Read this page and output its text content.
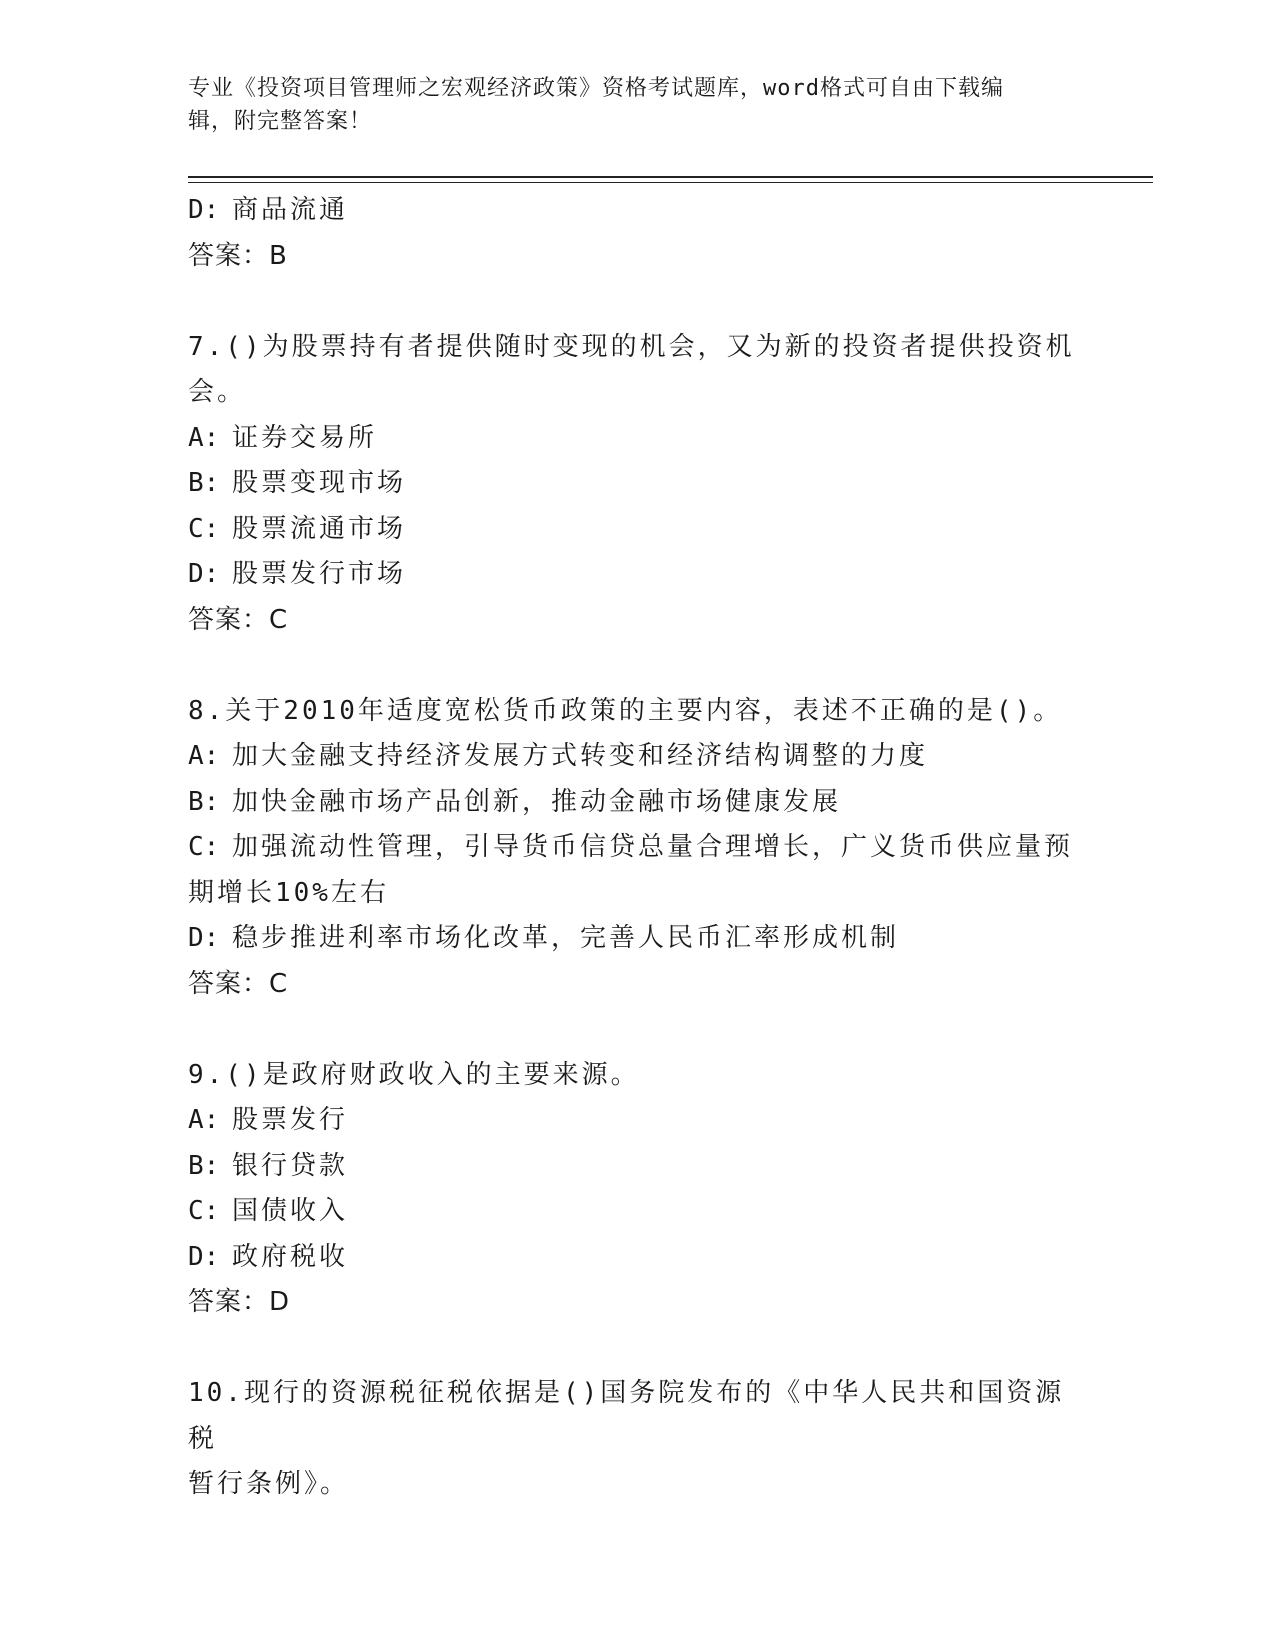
专业《投资项目管理师之宏观经济政策》资格考试题库，word格式可自由下载编
辑，附完整答案！
D: 商品流通
答案：B
7.()为股票持有者提供随时变现的机会，又为新的投资者提供投资机
会。
A: 证券交易所
B: 股票变现市场
C: 股票流通市场
D: 股票发行市场
答案：C
8.关于2010年适度宽松货币政策的主要内容，表述不正确的是()。
A: 加大金融支持经济发展方式转变和经济结构调整的力度
B: 加快金融市场产品创新，推动金融市场健康发展
C: 加强流动性管理，引导货币信贷总量合理增长，广义货币供应量预
期增长10%左右
D: 稳步推进利率市场化改革，完善人民币汇率形成机制
答案：C
9.()是政府财政收入的主要来源。
A: 股票发行
B: 银行贷款
C: 国债收入
D: 政府税收
答案：D
10.现行的资源税征税依据是()国务院发布的《中华人民共和国资源税
暂行条例》。
